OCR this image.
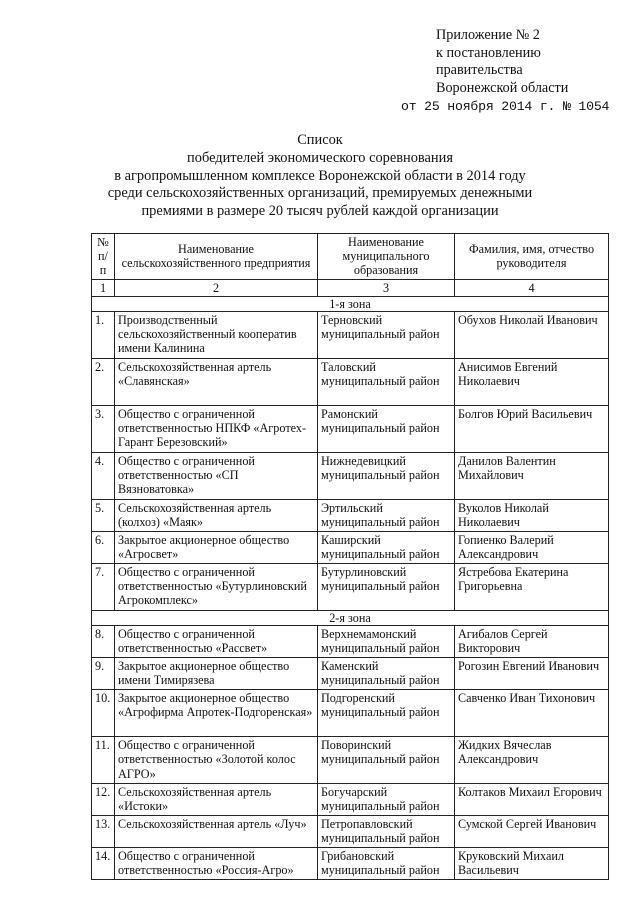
Приложение № 2
к постановлению
правительства
Воронежской области
от 25 ноября 2014 г. № 1054
Список
победителей экономического соревнования
в агропромышленном комплексе Воронежской области в 2014 году
среди сельскохозяйственных организаций, премируемых денежными
премиями в размере 20 тысяч рублей каждой организации
№ п/п	Наименование сельскохозяйственного предприятия	Наименование муниципального образования	Фамилия, имя, отчество руководителя
1	2	3	4
1-я зона			
1.	Производственный сельскохозяйственный кооператив имени Калинина	Терновский муниципальный район	Обухов Николай Иванович
2.	Сельскохозяйственная артель «Славянская»	Таловский муниципальный район	Анисимов Евгений Николаевич
3.	Общество с ограниченной ответственностью НПКФ «Агротех-Гарант Березовский»	Рамонский муниципальный район	Болгов Юрий Васильевич
4.	Общество с ограниченной ответственностью «СП Вязноватовка»	Нижнедевицкий муниципальный район	Данилов Валентин Михайлович
5.	Сельскохозяйственная артель (колхоз) «Маяк»	Эртильский муниципальный район	Вуколов Николай Николаевич
6.	Закрытое акционерное общество «Агросвет»	Каширский муниципальный район	Гопиенко Валерий Александрович
7.	Общество с ограниченной ответственностью «Бутурлиновский Агрокомплекс»	Бутурлиновский муниципальный район	Ястребова Екатерина Григорьевна
2-я зона			
8.	Общество с ограниченной ответственностью «Рассвет»	Верхнемамонский муниципальный район	Агибалов Сергей Викторович
9.	Закрытое акционерное общество имени Тимирязева	Каменский муниципальный район	Рогозин Евгений Иванович
10.	Закрытое акционерное общество «Агрофирма Апротек-Подгоренская»	Подгоренский муниципальный район	Савченко Иван Тихонович
11.	Общество с ограниченной ответственностью «Золотой колос АГРО»	Поворинский муниципальный район	Жидких Вячеслав Александрович
12.	Сельскохозяйственная артель «Истоки»	Богучарский муниципальный район	Колтаков Михаил Егорович
13.	Сельскохозяйственная артель «Луч»	Петропавловский муниципальный район	Сумской Сергей Иванович
14.	Общество с ограниченной ответственностью «Россия-Агро»	Грибановский муниципальный район	Круковский Михаил Васильевич
